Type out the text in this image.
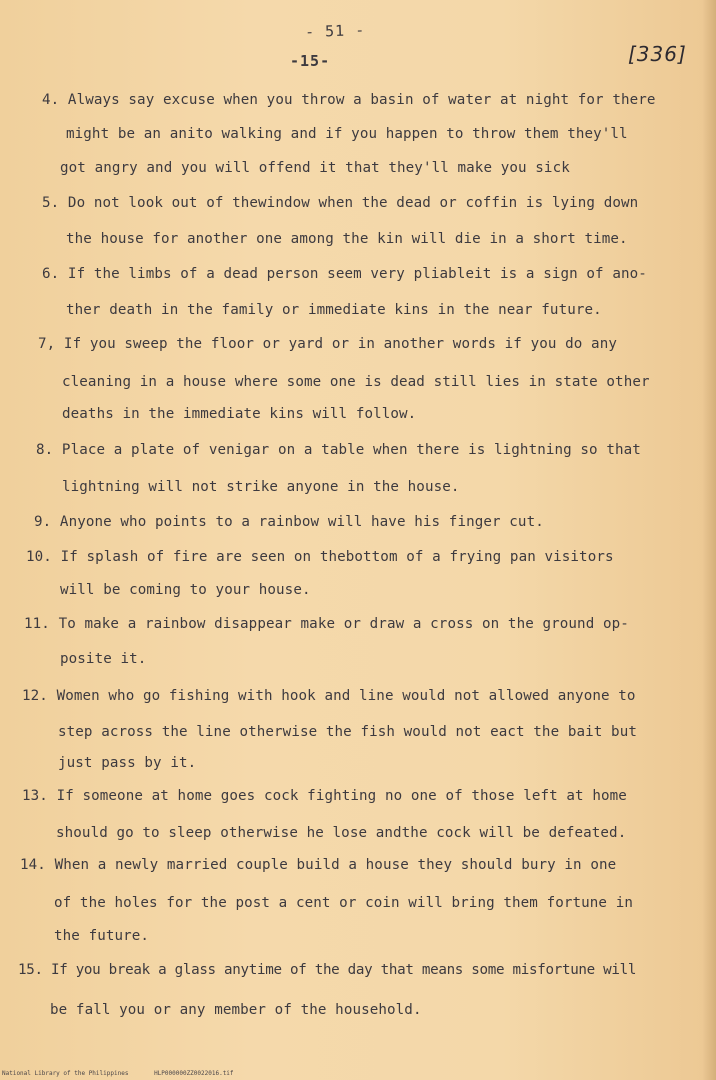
- 51 -
-15-	[336]
4. Always say excuse when you throw a basin of water at night for there
might be an anito walking and if you happen to throw them they'll
got angry and you will offend it that they'll make you sick
5. Do not look out of thewindow when the dead or coffin is lying down
the house for another one among the kin will die in a short time.
6. If the limbs of a dead person seem very pliableit is a sign of ano-
ther death in the family or immediate kins in the near future.
7, If you sweep the floor or yard or in another words if you do any
cleaning in a house where some one is dead still lies in state other
deaths in the immediate kins will follow.
8. Place a plate of venigar on a table when there is lightning so that
lightning will not strike anyone in the house.
9. Anyone who points to a rainbow will have his finger cut.
10. If splash of fire are seen on thebottom of a frying pan visitors
will be coming to your house.
11. To make a rainbow disappear make or draw a cross on the ground op-
posite it.
12. Women who go fishing with hook and line would not allowed anyone to
step across the line otherwise the fish would not eact the bait but
just pass by it.
13. If someone at home goes cock fighting no one of those left at home
should go to sleep otherwise he lose andthe cock will be defeated.
14. When a newly married couple build a house they should bury in one
of the holes for the post a cent or coin will bring them fortune in
the future.
15. If you break a glass anytime of the day that means some misfortune will
be fall you or any member of the household.
National Library of the Philippines	HLP000000ZZ0022016.tif
